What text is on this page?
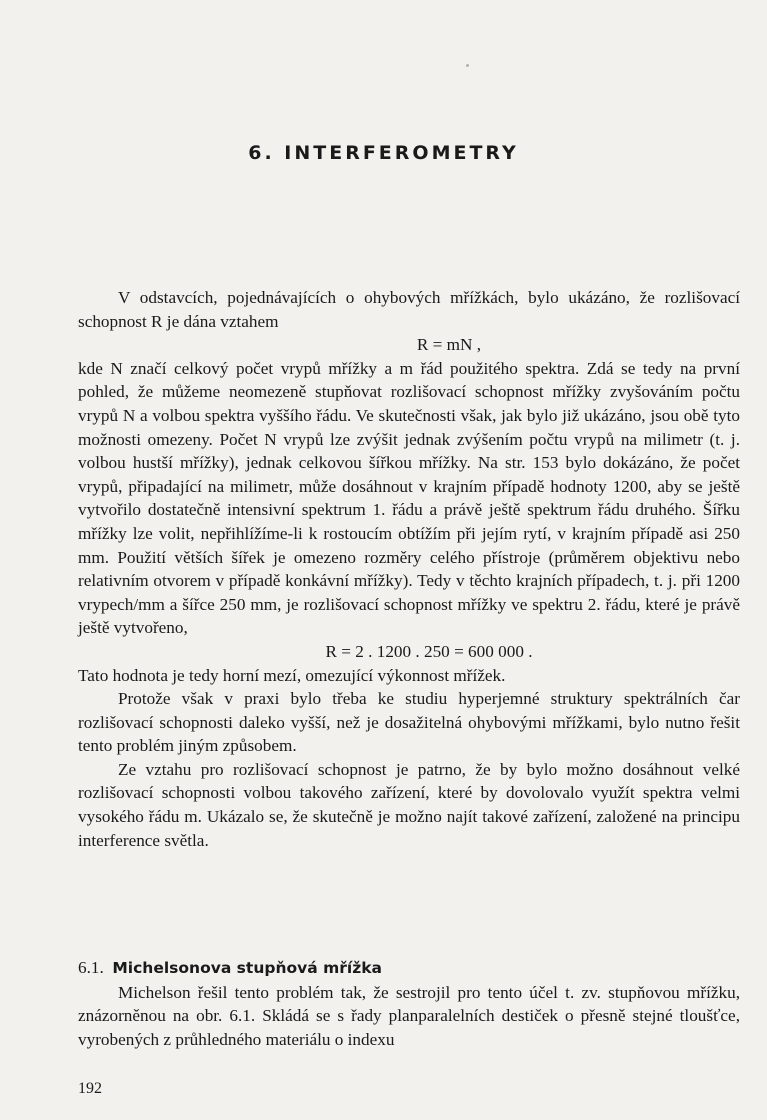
6. INTERFEROMETRY

V odstavcích, pojednávajících o ohybových mřížkách, bylo ukázáno, že rozlišovací schopnost R je dána vztahem

R = mN ,

kde N značí celkový počet vrypů mřížky a m řád použitého spektra. Zdá se tedy na první pohled, že můžeme neomezeně stupňovat rozlišovací schopnost mřížky zvyšováním počtu vrypů N a volbou spektra vyššího řádu. Ve skutečnosti však, jak bylo již ukázáno, jsou obě tyto možnosti omezeny. Počet N vrypů lze zvýšit jednak zvýšením počtu vrypů na milimetr (t. j. volbou hustší mřížky), jednak celkovou šířkou mřížky. Na str. 153 bylo dokázáno, že počet vrypů, připadající na milimetr, může dosáhnout v krajním případě hodnoty 1200, aby se ještě vytvořilo dostatečně intensivní spektrum 1. řádu a právě ještě spektrum řádu druhého. Šířku mřížky lze volit, nepřihlížíme-li k rostoucím obtížím při jejím rytí, v krajním případě asi 250 mm. Použití větších šířek je omezeno rozměry celého přístroje (průměrem objektivu nebo relativním otvorem v případě konkávní mřížky). Tedy v těchto krajních případech, t. j. při 1200 vrypech/mm a šířce 250 mm, je rozlišovací schopnost mřížky ve spektru 2. řádu, které je právě ještě vytvořeno,

R = 2 . 1200 . 250 = 600 000 .

Tato hodnota je tedy horní mezí, omezující výkonnost mřížek.

Protože však v praxi bylo třeba ke studiu hyperjemné struktury spektrálních čar rozlišovací schopnosti daleko vyšší, než je dosažitelná ohybovými mřížkami, bylo nutno řešit tento problém jiným způsobem.

Ze vztahu pro rozlišovací schopnost je patrno, že by bylo možno dosáhnout velké rozlišovací schopnosti volbou takového zařízení, které by dovolovalo využít spektra velmi vysokého řádu m. Ukázalo se, že skutečně je možno najít takové zařízení, založené na principu interference světla.

6.1. Michelsonova stupňová mřížka

Michelson řešil tento problém tak, že sestrojil pro tento účel t. zv. stupňovou mřížku, znázorněnou na obr. 6.1. Skládá se s řady planparalelních destiček o přesně stejné tloušťce, vyrobených z průhledného materiálu o indexu

192
